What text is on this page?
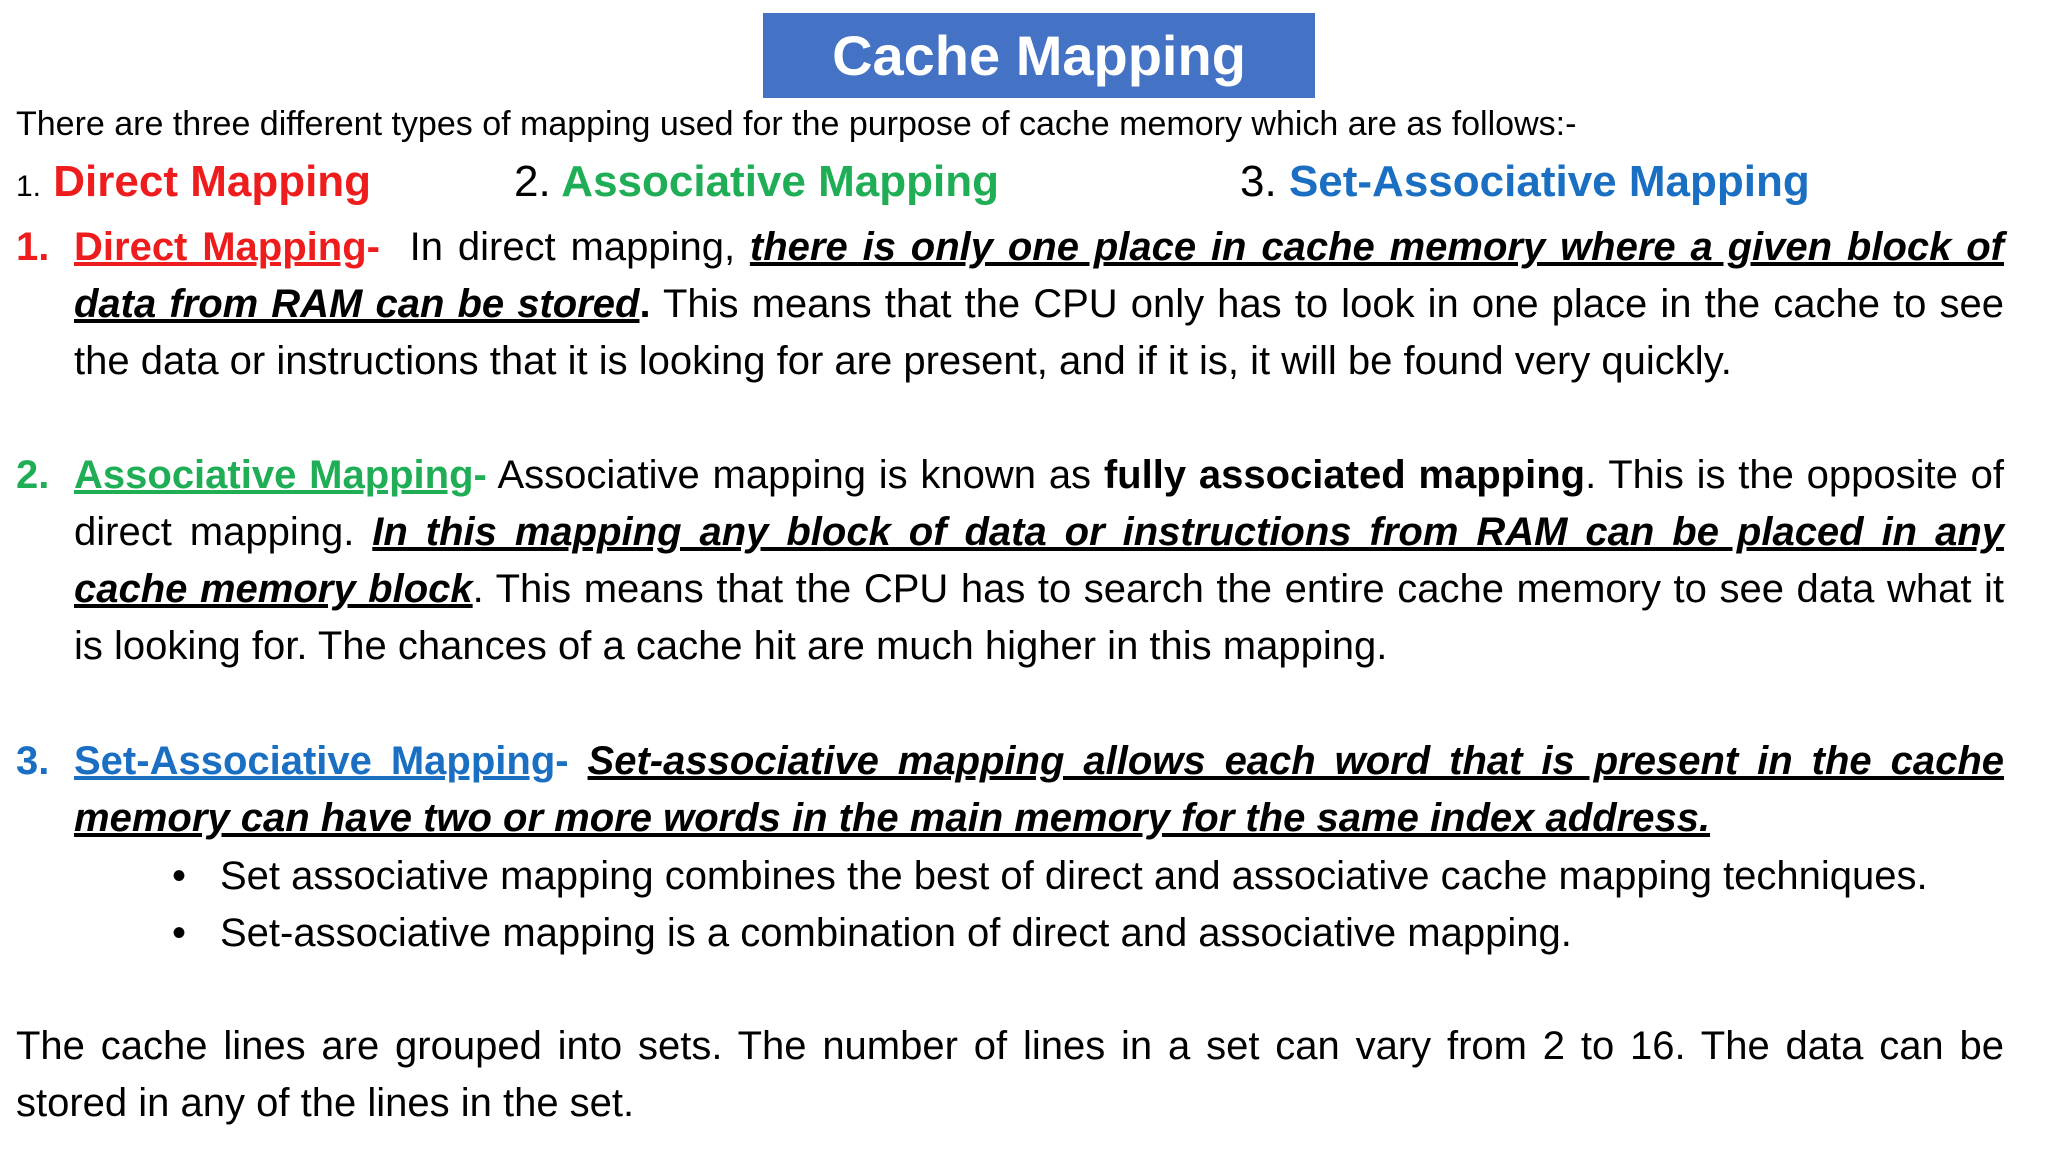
Cache Mapping
There are three different types of mapping used for the purpose of cache memory which are as follows:-
1. Direct Mapping	2. Associative Mapping	3. Set-Associative Mapping
1. Direct Mapping-  In direct mapping, there is only one place in cache memory where a given block of data from RAM can be stored. This means that the CPU only has to look in one place in the cache to see the data or instructions that it is looking for are present, and if it is, it will be found very quickly.
2. Associative Mapping- Associative mapping is known as fully associated mapping. This is the opposite of direct mapping. In this mapping any block of data or instructions from RAM can be placed in any cache memory block. This means that the CPU has to search the entire cache memory to see data what it is looking for. The chances of a cache hit are much higher in this mapping.
3. Set-Associative Mapping- Set-associative mapping allows each word that is present in the cache memory can have two or more words in the main memory for the same index address.
• Set associative mapping combines the best of direct and associative cache mapping techniques.
• Set-associative mapping is a combination of direct and associative mapping.
The cache lines are grouped into sets. The number of lines in a set can vary from 2 to 16. The data can be stored in any of the lines in the set.
